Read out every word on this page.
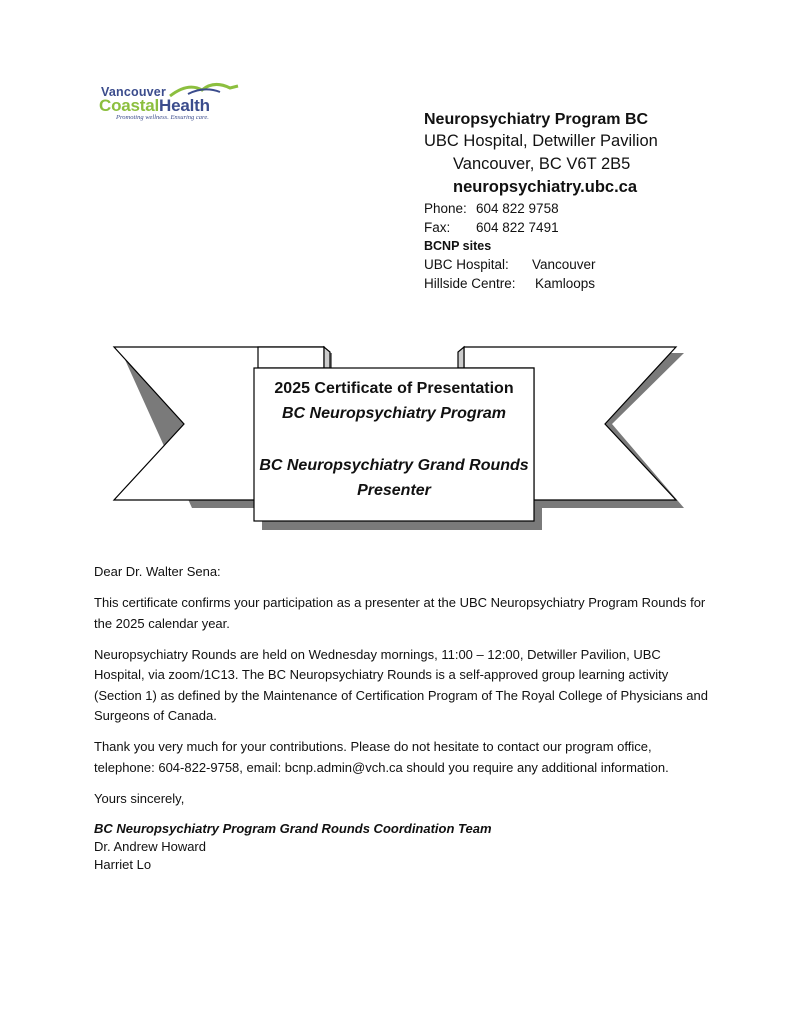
Vancouver
CoastalHealth
Promoting wellness. Ensuring care.	Neuropsychiatry Program BC
UBC Hospital, Detwiller Pavilion
Vancouver, BC V6T 2B5
neuropsychiatry.ubc.ca
Phone: 604 822 9758
Fax: 604 822 7491
BCNP sites
UBC Hospital: Vancouver
Hillside Centre: Kamloops
2025 Certificate of Presentation
BC Neuropsychiatry Program
BC Neuropsychiatry Grand Rounds
Presenter

Dear Dr. Walter Sena:

This certificate confirms your participation as a presenter at the UBC Neuropsychiatry Program Rounds for the 2025 calendar year.

Neuropsychiatry Rounds are held on Wednesday mornings, 11:00 – 12:00, Detwiller Pavilion, UBC Hospital, via zoom/1C13. The BC Neuropsychiatry Rounds is a self-approved group learning activity (Section 1) as defined by the Maintenance of Certification Program of The Royal College of Physicians and Surgeons of Canada.

Thank you very much for your contributions. Please do not hesitate to contact our program office, telephone: 604-822-9758, email: bcnp.admin@vch.ca should you require any additional information.

Yours sincerely,

BC Neuropsychiatry Program Grand Rounds Coordination Team
Dr. Andrew Howard
Harriet Lo
